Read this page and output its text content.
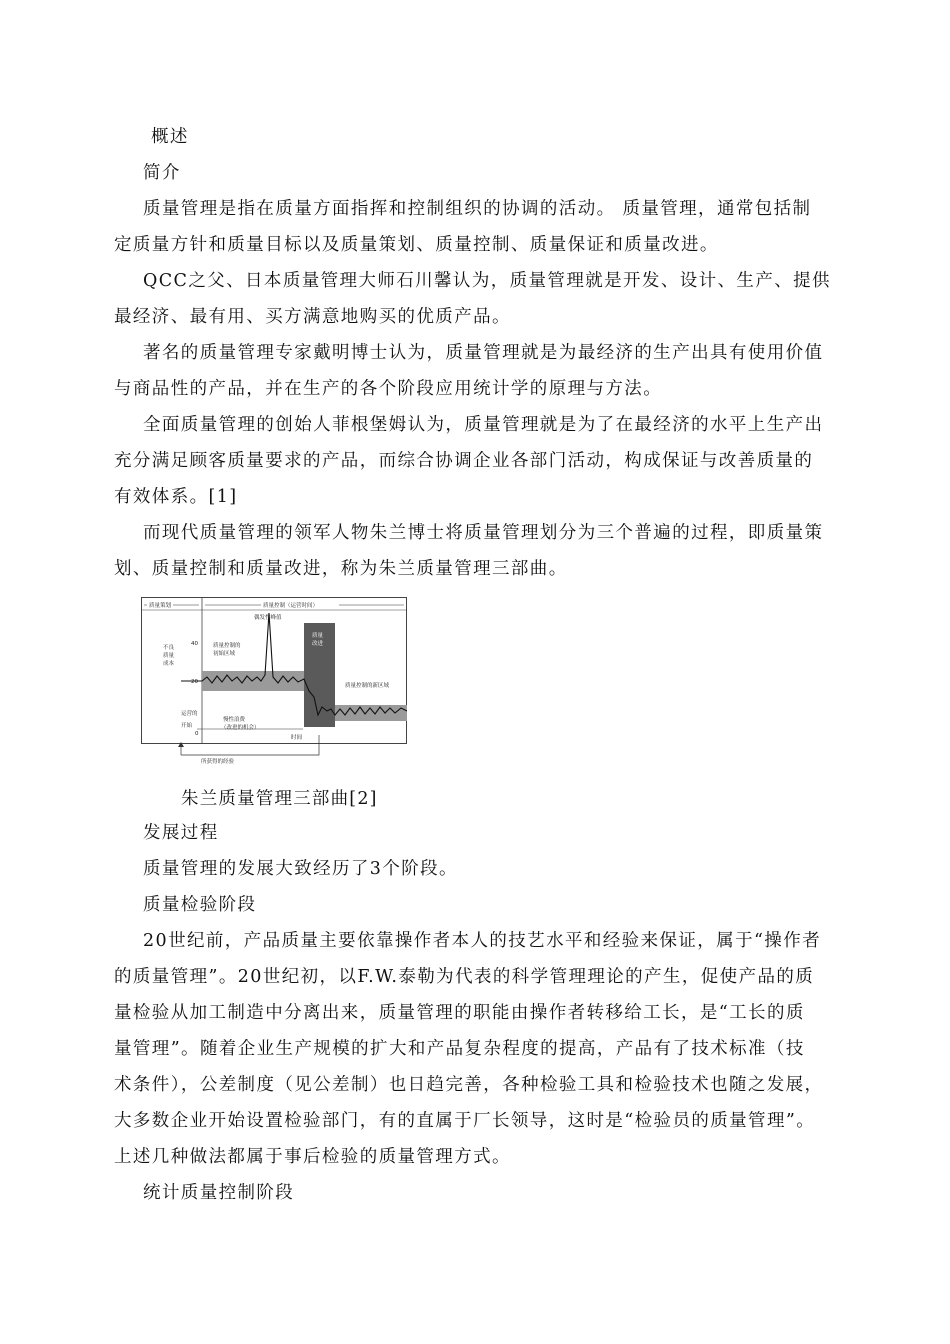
概述
简介
质量管理是指在质量方面指挥和控制组织的协调的活动。 质量管理，通常包括制
定质量方针和质量目标以及质量策划、质量控制、质量保证和质量改进。
QCC之父、日本质量管理大师石川馨认为，质量管理就是开发、设计、生产、提供
最经济、最有用、买方满意地购买的优质产品。
著名的质量管理专家戴明博士认为，质量管理就是为最经济的生产出具有使用价值
与商品性的产品，并在生产的各个阶段应用统计学的原理与方法。
全面质量管理的创始人菲根堡姆认为，质量管理就是为了在最经济的水平上生产出
充分满足顾客质量要求的产品，而综合协调企业各部门活动，构成保证与改善质量的
有效体系。[1]
而现代质量管理的领军人物朱兰博士将质量管理划分为三个普遍的过程，即质量策
划、质量控制和质量改进，称为朱兰质量管理三部曲。
质量策划	质量控制（运营时间）
不良
质量
成本
40
20
0
偶发性峰值
质量控制的
初始区域
质量
改进
质量控制的新区域
慢性浪费
（改进的机会）
运营的
开始
时间
所获得的经验
朱兰质量管理三部曲[2]
发展过程
质量管理的发展大致经历了3个阶段。
质量检验阶段
20世纪前，产品质量主要依靠操作者本人的技艺水平和经验来保证，属于“操作者
的质量管理”。20世纪初，以F.W.泰勒为代表的科学管理理论的产生，促使产品的质
量检验从加工制造中分离出来，质量管理的职能由操作者转移给工长，是“工长的质
量管理”。随着企业生产规模的扩大和产品复杂程度的提高，产品有了技术标准（技
术条件），公差制度（见公差制）也日趋完善，各种检验工具和检验技术也随之发展，
大多数企业开始设置检验部门，有的直属于厂长领导，这时是“检验员的质量管理”。
上述几种做法都属于事后检验的质量管理方式。
统计质量控制阶段
